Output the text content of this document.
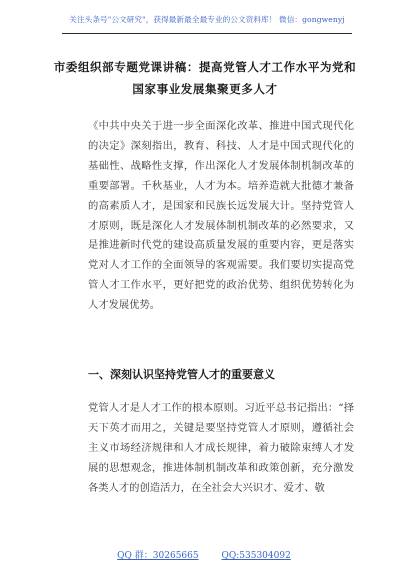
关注头条号"公文研究"，获得最新最全最专业的公文资料库！ 微信：gongwenyj
市委组织部专题党课讲稿：提高党管人才工作水平为党和
国家事业发展集聚更多人才
《中共中央关于进一步全面深化改革、推进中国式现代化的决定》深刻指出，教育、科技、人才是中国式现代化的基础性、战略性支撑，作出深化人才发展体制机制改革的重要部署。千秋基业，人才为本。培养造就大批德才兼备的高素质人才，是国家和民族长远发展大计。坚持党管人才原则，既是深化人才发展体制机制改革的必然要求，又是推进新时代党的建设高质量发展的重要内容，更是落实党对人才工作的全面领导的客观需要。我们要切实提高党管人才工作水平，更好把党的政治优势、组织优势转化为人才发展优势。
一、深刻认识坚持党管人才的重要意义
党管人才是人才工作的根本原则。习近平总书记指出：“择天下英才而用之，关键是要坚持党管人才原则，遵循社会主义市场经济规律和人才成长规律，着力破除束缚人才发展的思想观念，推进体制机制改革和政策创新，充分激发各类人才的创造活力，在全社会大兴识才、爱才、敬
QQ 群：30265665	QQ:535304092
